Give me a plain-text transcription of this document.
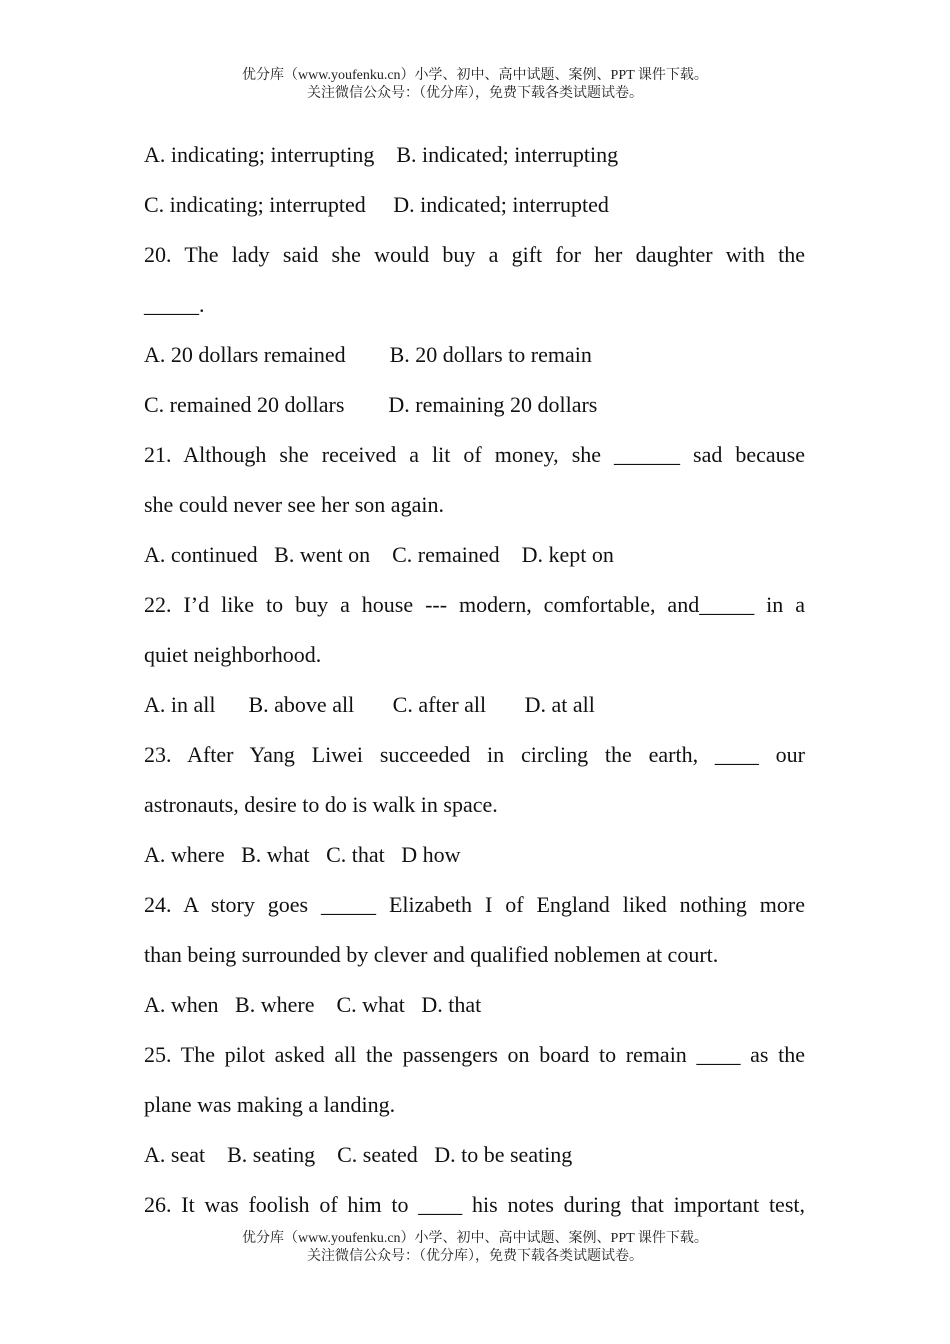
优分库（www.youfenku.cn）小学、初中、高中试题、案例、PPT 课件下载。
关注微信公众号：（优分库），免费下载各类试题试卷。
A. indicating; interrupting    B. indicated; interrupting
C. indicating; interrupted     D. indicated; interrupted
20. The lady said she would buy a gift for her daughter with the
_____.
A. 20 dollars remained        B. 20 dollars to remain
C. remained 20 dollars        D. remaining 20 dollars
21. Although she received a lit of money, she ______ sad because
she could never see her son again.
A. continued   B. went on    C. remained    D. kept on
22. I’d like to buy a house --- modern, comfortable, and_____ in a
quiet neighborhood.
A. in all      B. above all       C. after all       D. at all
23. After Yang Liwei succeeded in circling the earth, ____ our
astronauts, desire to do is walk in space.
A. where   B. what   C. that   D how
24. A story goes _____ Elizabeth I of England liked nothing more
than being surrounded by clever and qualified noblemen at court.
A. when   B. where    C. what   D. that
25. The pilot asked all the passengers on board to remain ____ as the
plane was making a landing.
A. seat    B. seating    C. seated   D. to be seating
26. It was foolish of him to ____ his notes during that important test,
优分库（www.youfenku.cn）小学、初中、高中试题、案例、PPT 课件下载。
关注微信公众号：（优分库），免费下载各类试题试卷。
